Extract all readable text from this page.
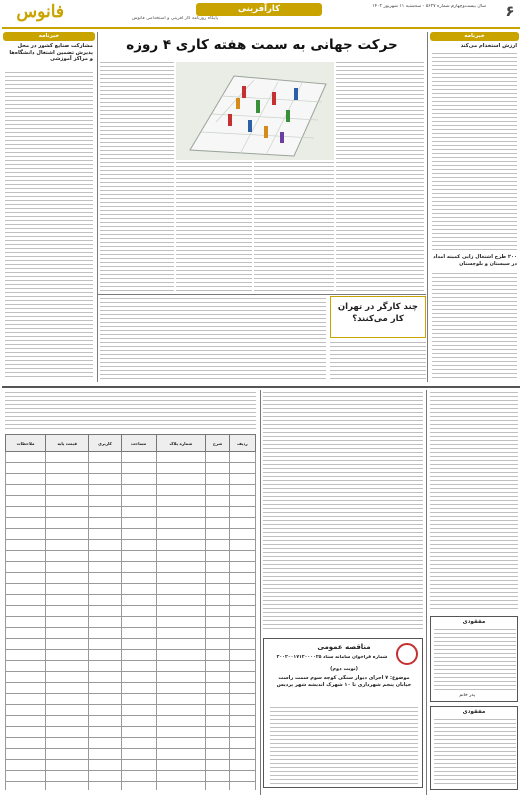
فانوس	پایگاه روزنامه کار آفرینی و استخدامی فانوس
کارآفرینی	سال بیست‌وچهارم شماره ۵۶۲۷ - سه‌شنبه ۱۱ شهریور ۱۴۰۲ ۶
خبرنامه
مشارکت صنایع کشور در محل پذیرش تضمین اشتغال دانشگاه‌ها و مراکز آموزشی
خبرنامه
ارزش استخدام می‌کند
۲۰۰ طرح اشتغال زایی کمیته امداد در سیستان و بلوچستان
حرکت جهانی به سمت هفته کاری ۴ روزه
چند کارگر در تهران کار می‌کنند؟
ردیف	شرح	شماره پلاک	مساحت	کاربری	قیمت پایه	ملاحظات

مناقصه عمومی
شماره فراخوان سامانه ستاد ۲۰۰۲۰۰۱۷۱۲۰۰۰۰۲۵
(نوبت دوم)
موضوع: ۷ اجرای دیوار سنگی کوچه سوم سمت راست خیابان پنجم شهرداری تا ۱۰ شهرک اندیشه شهر پردیس
مفقودی
پدر خانم
مفقودی
